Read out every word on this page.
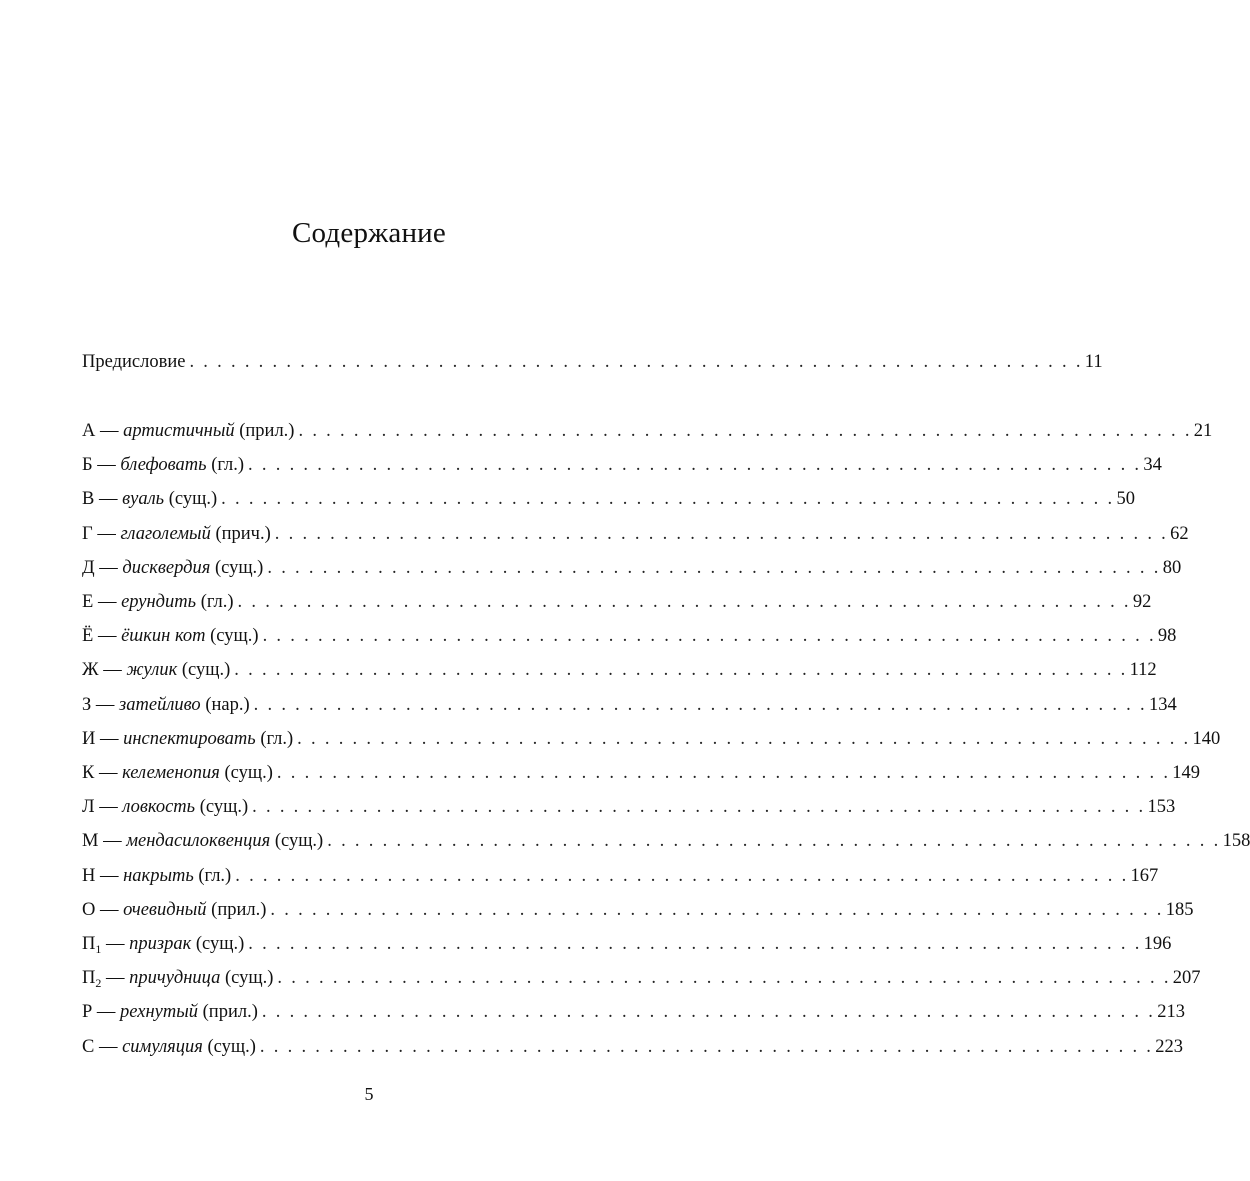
Содержание
Предисловие . . . . . . . . . . . . . . . . . . . . . . . . . . . . . . . . . . . . . . . . . . . . . . . . . . . . . . . . . . . . . . . . . 11
А — артистичный (прил.) . . . . . . . . . . . . . . . . . . . . . . . . . . . . . . . . . . . . . . . . . . . . . . . . . . . . . . . . . . . . . . . . . 21
Б — блефовать (гл.) . . . . . . . . . . . . . . . . . . . . . . . . . . . . . . . . . . . . . . . . . . . . . . . . . . . . . . . . . . . . . . . . . 34
В — вуаль (сущ.) . . . . . . . . . . . . . . . . . . . . . . . . . . . . . . . . . . . . . . . . . . . . . . . . . . . . . . . . . . . . . . . . . 50
Г — глаголемый (прич.) . . . . . . . . . . . . . . . . . . . . . . . . . . . . . . . . . . . . . . . . . . . . . . . . . . . . . . . . . . . . . . . . . 62
Д — дисквердия (сущ.) . . . . . . . . . . . . . . . . . . . . . . . . . . . . . . . . . . . . . . . . . . . . . . . . . . . . . . . . . . . . . . . . . 80
Е — ерундить (гл.) . . . . . . . . . . . . . . . . . . . . . . . . . . . . . . . . . . . . . . . . . . . . . . . . . . . . . . . . . . . . . . . . . 92
Ё — ёшкин кот (сущ.) . . . . . . . . . . . . . . . . . . . . . . . . . . . . . . . . . . . . . . . . . . . . . . . . . . . . . . . . . . . . . . . . . 98
Ж — жулик (сущ.) . . . . . . . . . . . . . . . . . . . . . . . . . . . . . . . . . . . . . . . . . . . . . . . . . . . . . . . . . . . . . . . . . 112
З — затейливо (нар.) . . . . . . . . . . . . . . . . . . . . . . . . . . . . . . . . . . . . . . . . . . . . . . . . . . . . . . . . . . . . . . . . . 134
И — инспектировать (гл.) . . . . . . . . . . . . . . . . . . . . . . . . . . . . . . . . . . . . . . . . . . . . . . . . . . . . . . . . . . . . . . . . . 140
К — келеменопия (сущ.) . . . . . . . . . . . . . . . . . . . . . . . . . . . . . . . . . . . . . . . . . . . . . . . . . . . . . . . . . . . . . . . . . 149
Л — ловкость (сущ.) . . . . . . . . . . . . . . . . . . . . . . . . . . . . . . . . . . . . . . . . . . . . . . . . . . . . . . . . . . . . . . . . . 153
М — мендасилоквенция (сущ.) . . . . . . . . . . . . . . . . . . . . . . . . . . . . . . . . . . . . . . . . . . . . . . . . . . . . . . . . . . . . . . . . . 158
Н — накрыть (гл.) . . . . . . . . . . . . . . . . . . . . . . . . . . . . . . . . . . . . . . . . . . . . . . . . . . . . . . . . . . . . . . . . . 167
О — очевидный (прил.) . . . . . . . . . . . . . . . . . . . . . . . . . . . . . . . . . . . . . . . . . . . . . . . . . . . . . . . . . . . . . . . . . 185
$П_1$ — призрак (сущ.) . . . . . . . . . . . . . . . . . . . . . . . . . . . . . . . . . . . . . . . . . . . . . . . . . . . . . . . . . . . . . . . . . 196
$П_2$ — причудница (сущ.) . . . . . . . . . . . . . . . . . . . . . . . . . . . . . . . . . . . . . . . . . . . . . . . . . . . . . . . . . . . . . . . . . 207
Р — рехнутый (прил.) . . . . . . . . . . . . . . . . . . . . . . . . . . . . . . . . . . . . . . . . . . . . . . . . . . . . . . . . . . . . . . . . . 213
С — симуляция (сущ.) . . . . . . . . . . . . . . . . . . . . . . . . . . . . . . . . . . . . . . . . . . . . . . . . . . . . . . . . . . . . . . . . . 223
5
